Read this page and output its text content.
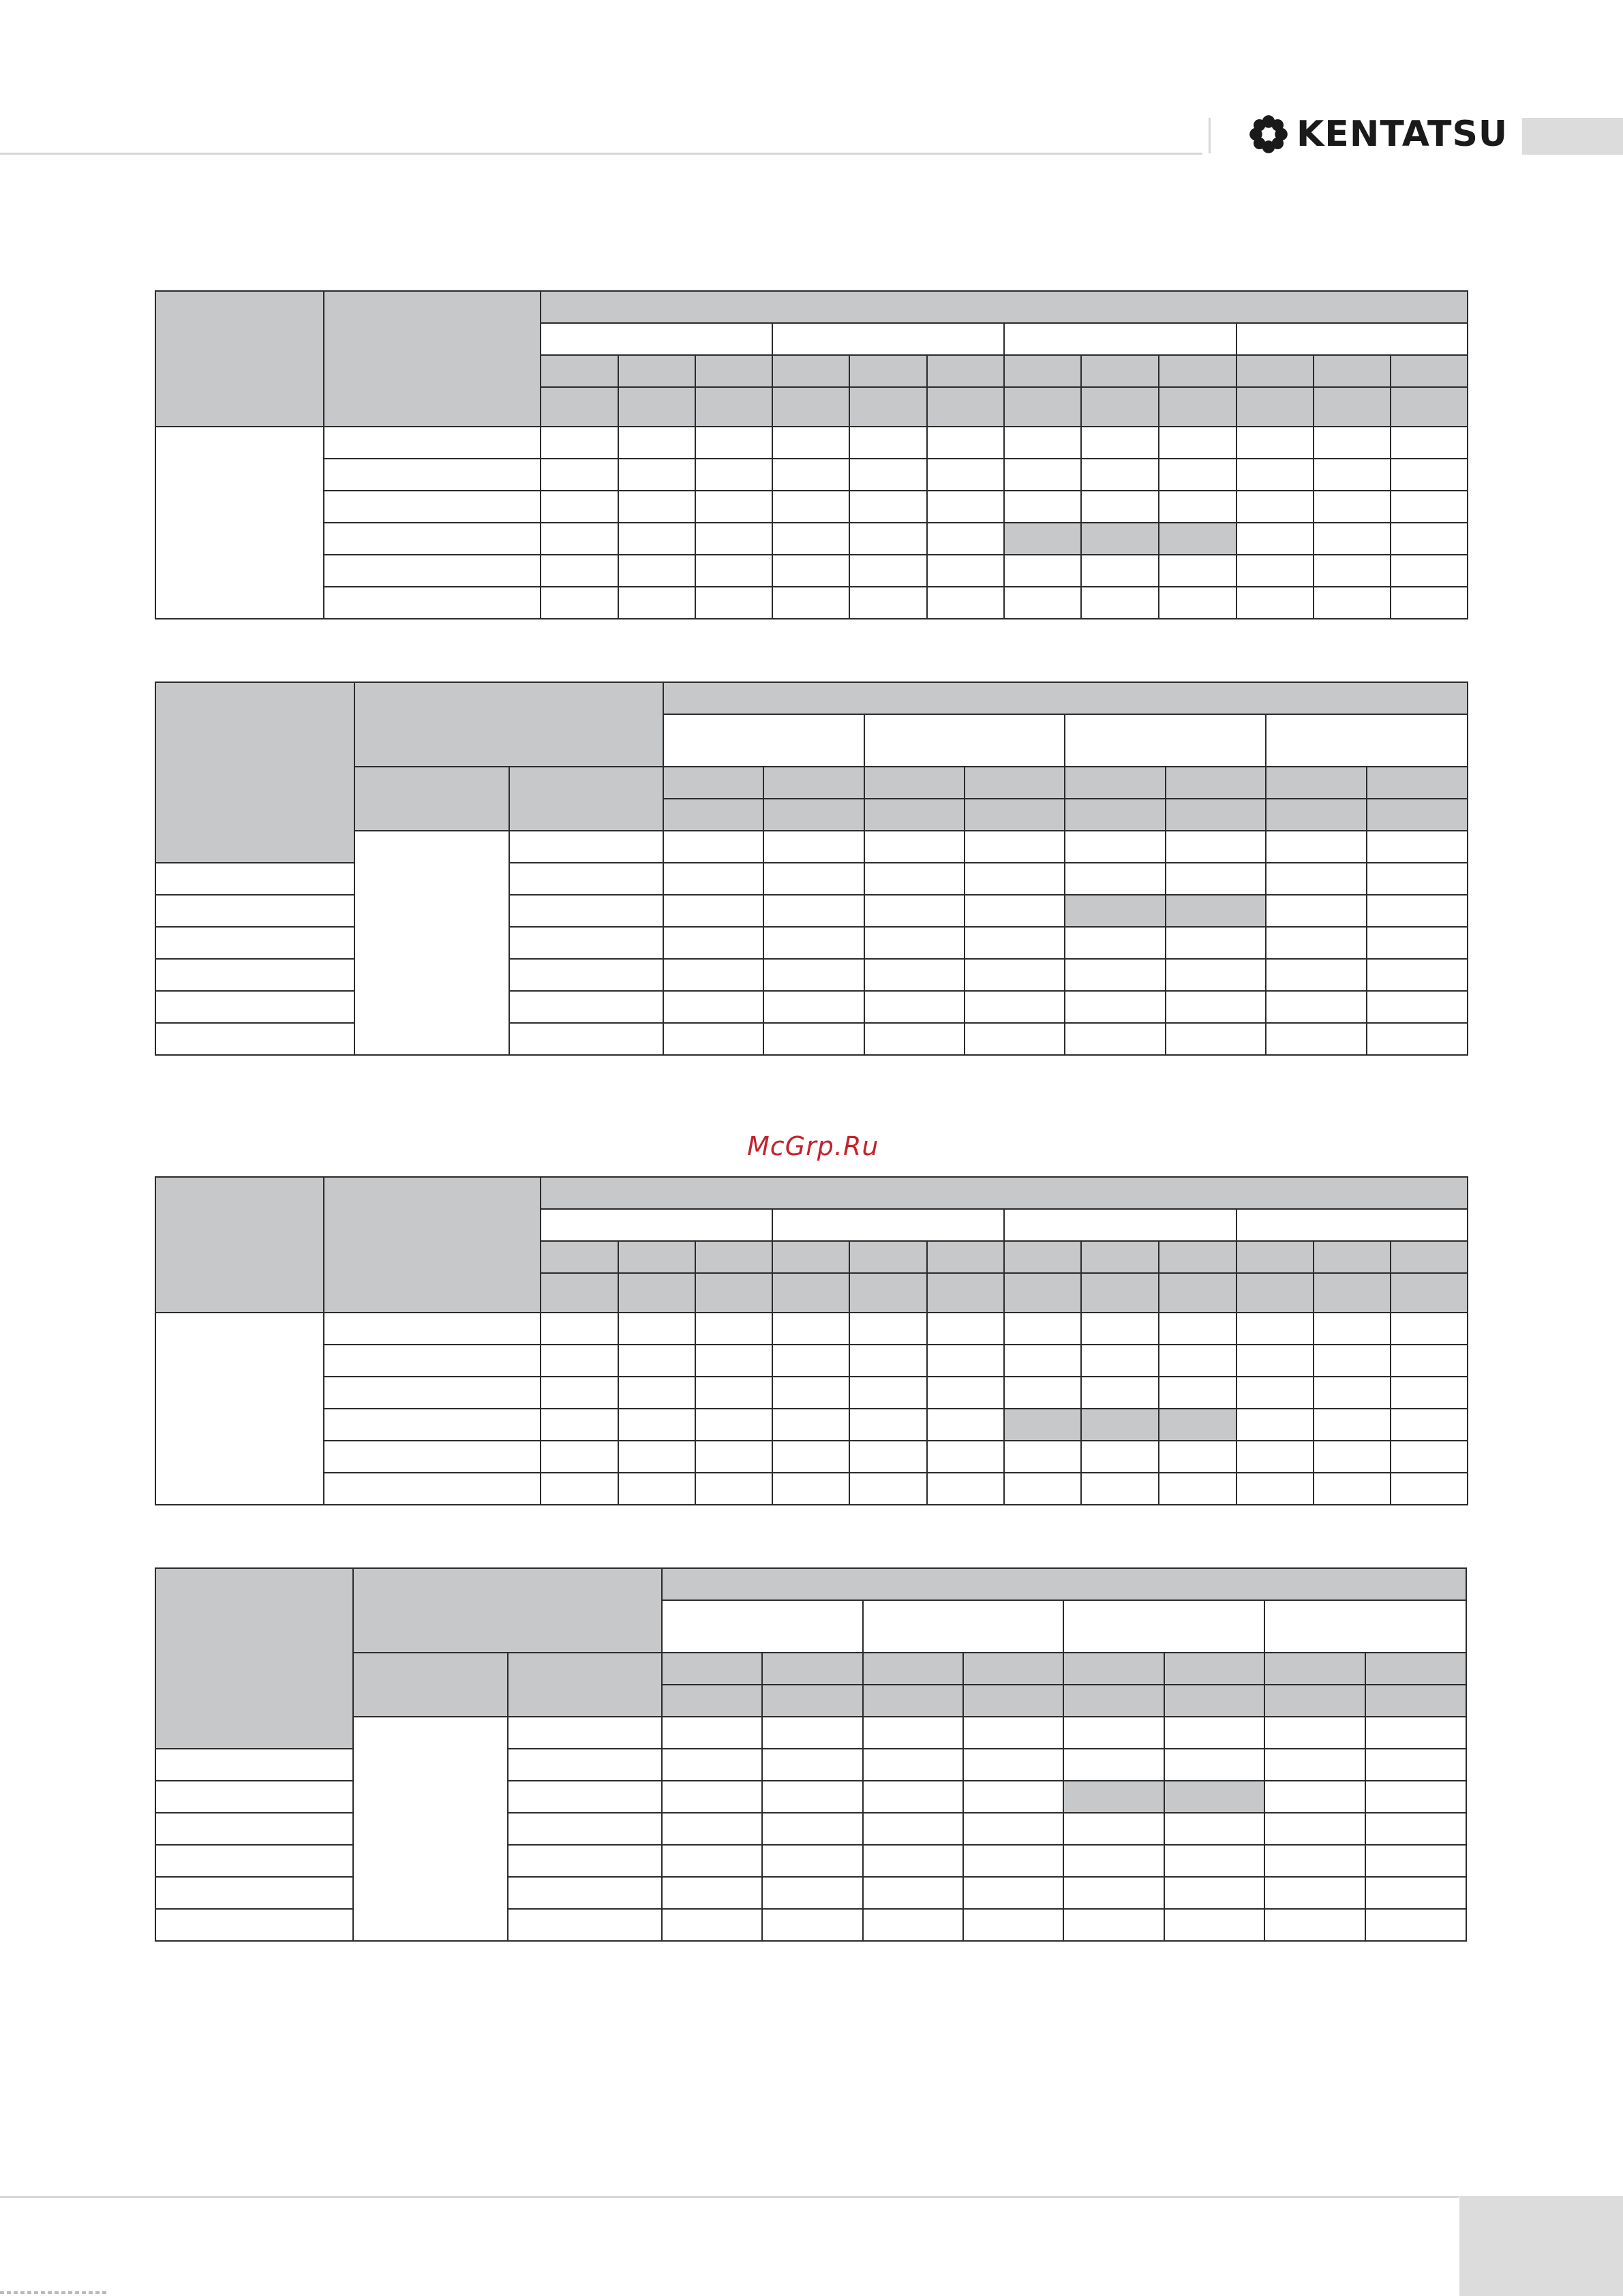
KENTATSU

McGrp.Ru
